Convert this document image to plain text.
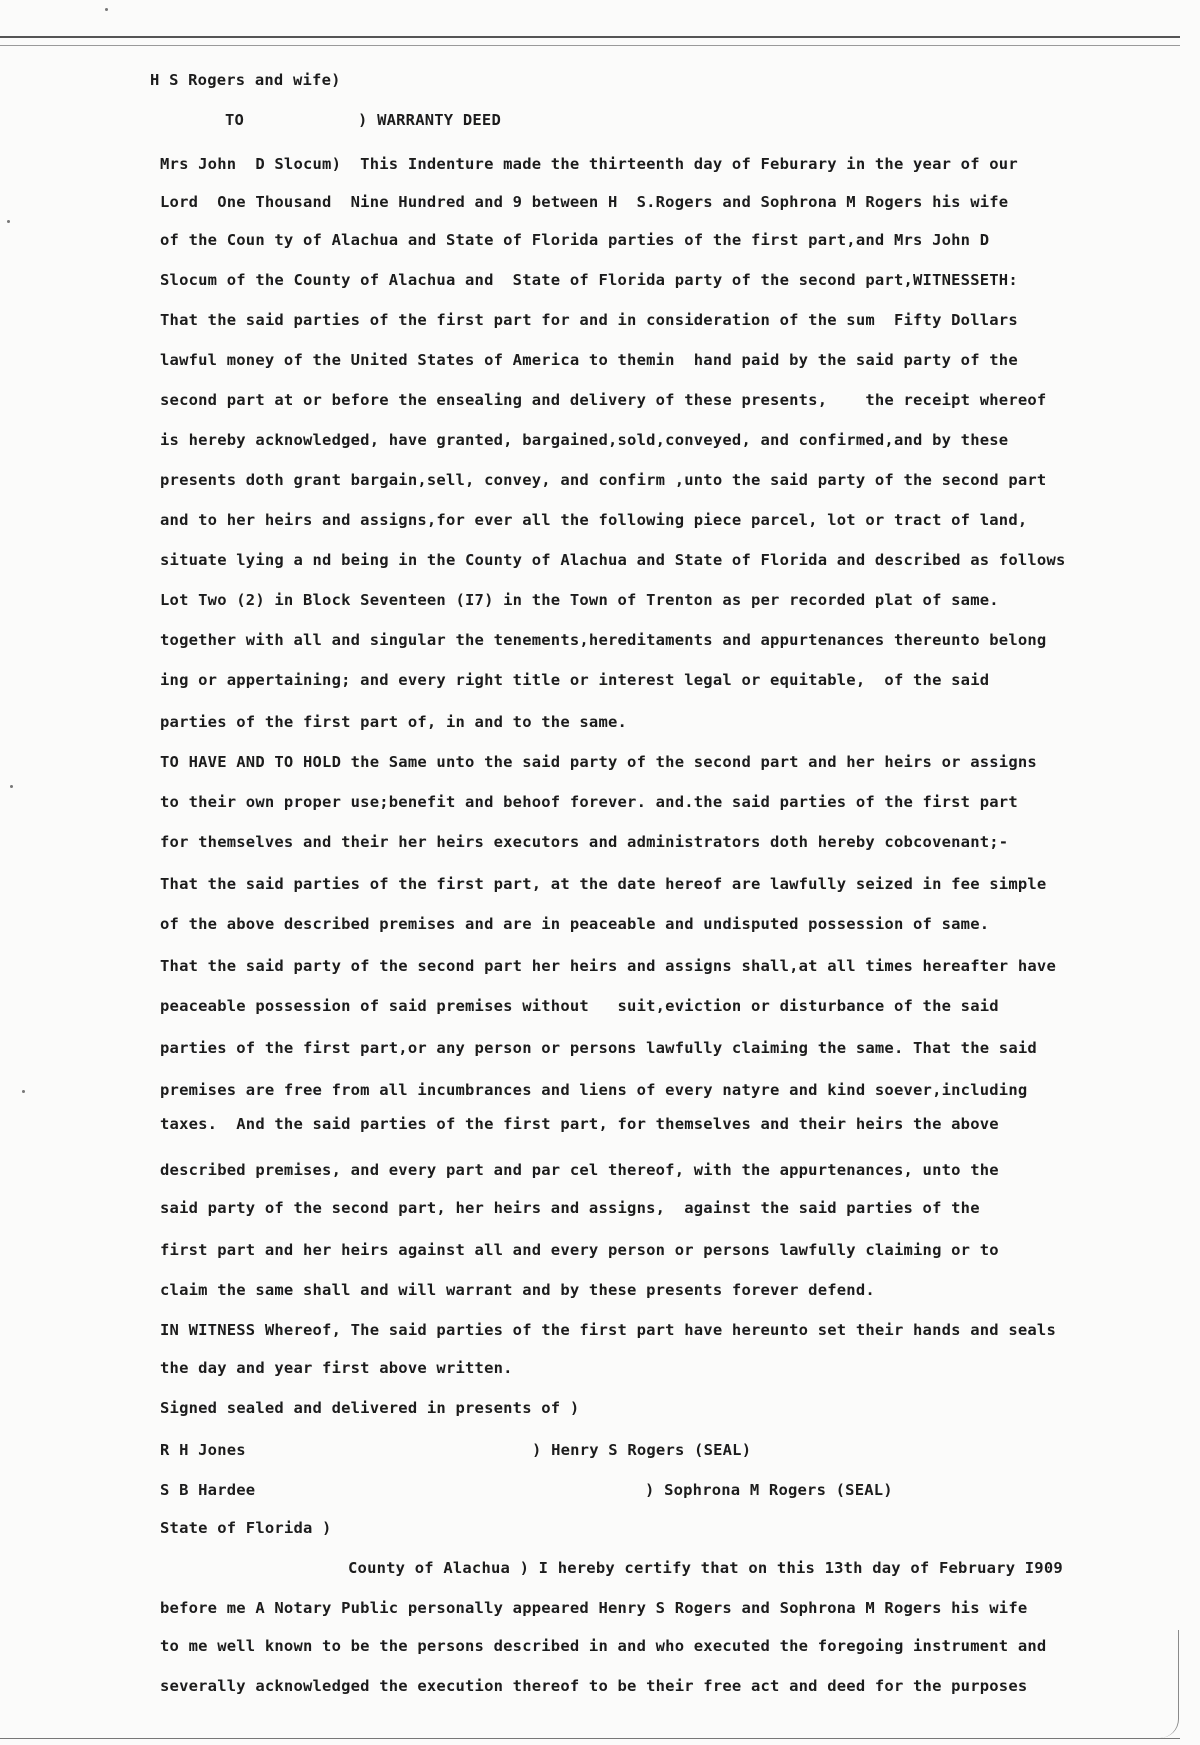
H S Rogers and wife)
TO	) WARRANTY DEED
Mrs John  D Slocum)  This Indenture made the thirteenth day of Feburary in the year of our
Lord  One Thousand  Nine Hundred and 9 between H  S.Rogers and Sophrona M Rogers his wife
of the Coun ty of Alachua and State of Florida parties of the first part,and Mrs John D
Slocum of the County of Alachua and  State of Florida party of the second part,WITNESSETH:
That the said parties of the first part for and in consideration of the sum  Fifty Dollars
lawful money of the United States of America to themin  hand paid by the said party of the
second part at or before the ensealing and delivery of these presents,    the receipt whereof
is hereby acknowledged, have granted, bargained,sold,conveyed, and confirmed,and by these
presents doth grant bargain,sell, convey, and confirm ,unto the said party of the second part
and to her heirs and assigns,for ever all the following piece parcel, lot or tract of land,
situate lying a nd being in the County of Alachua and State of Florida and described as follows
Lot Two (2) in Block Seventeen (I7) in the Town of Trenton as per recorded plat of same.
together with all and singular the tenements,hereditaments and appurtenances thereunto belong
ing or appertaining; and every right title or interest legal or equitable,  of the said
parties of the first part of, in and to the same.
TO HAVE AND TO HOLD the Same unto the said party of the second part and her heirs or assigns
to their own proper use;benefit and behoof forever. and.the said parties of the first part
for themselves and their her heirs executors and administrators doth hereby cobcovenant;-
That the said parties of the first part, at the date hereof are lawfully seized in fee simple
of the above described premises and are in peaceable and undisputed possession of same.
That the said party of the second part her heirs and assigns shall,at all times hereafter have
peaceable possession of said premises without   suit,eviction or disturbance of the said
parties of the first part,or any person or persons lawfully claiming the same. That the said
premises are free from all incumbrances and liens of every natyre and kind soever,including
taxes.  And the said parties of the first part, for themselves and their heirs the above
described premises, and every part and par cel thereof, with the appurtenances, unto the
said party of the second part, her heirs and assigns,  against the said parties of the
first part and her heirs against all and every person or persons lawfully claiming or to
claim the same shall and will warrant and by these presents forever defend.
IN WITNESS Whereof, The said parties of the first part have hereunto set their hands and seals
the day and year first above written.
Signed sealed and delivered in presents of )
R H Jones	) Henry S Rogers (SEAL)
S B Hardee	) Sophrona M Rogers (SEAL)
State of Florida )
County of Alachua ) I hereby certify that on this 13th day of February I909
before me A Notary Public personally appeared Henry S Rogers and Sophrona M Rogers his wife
to me well known to be the persons described in and who executed the foregoing instrument and
severally acknowledged the execution thereof to be their free act and deed for the purposes
